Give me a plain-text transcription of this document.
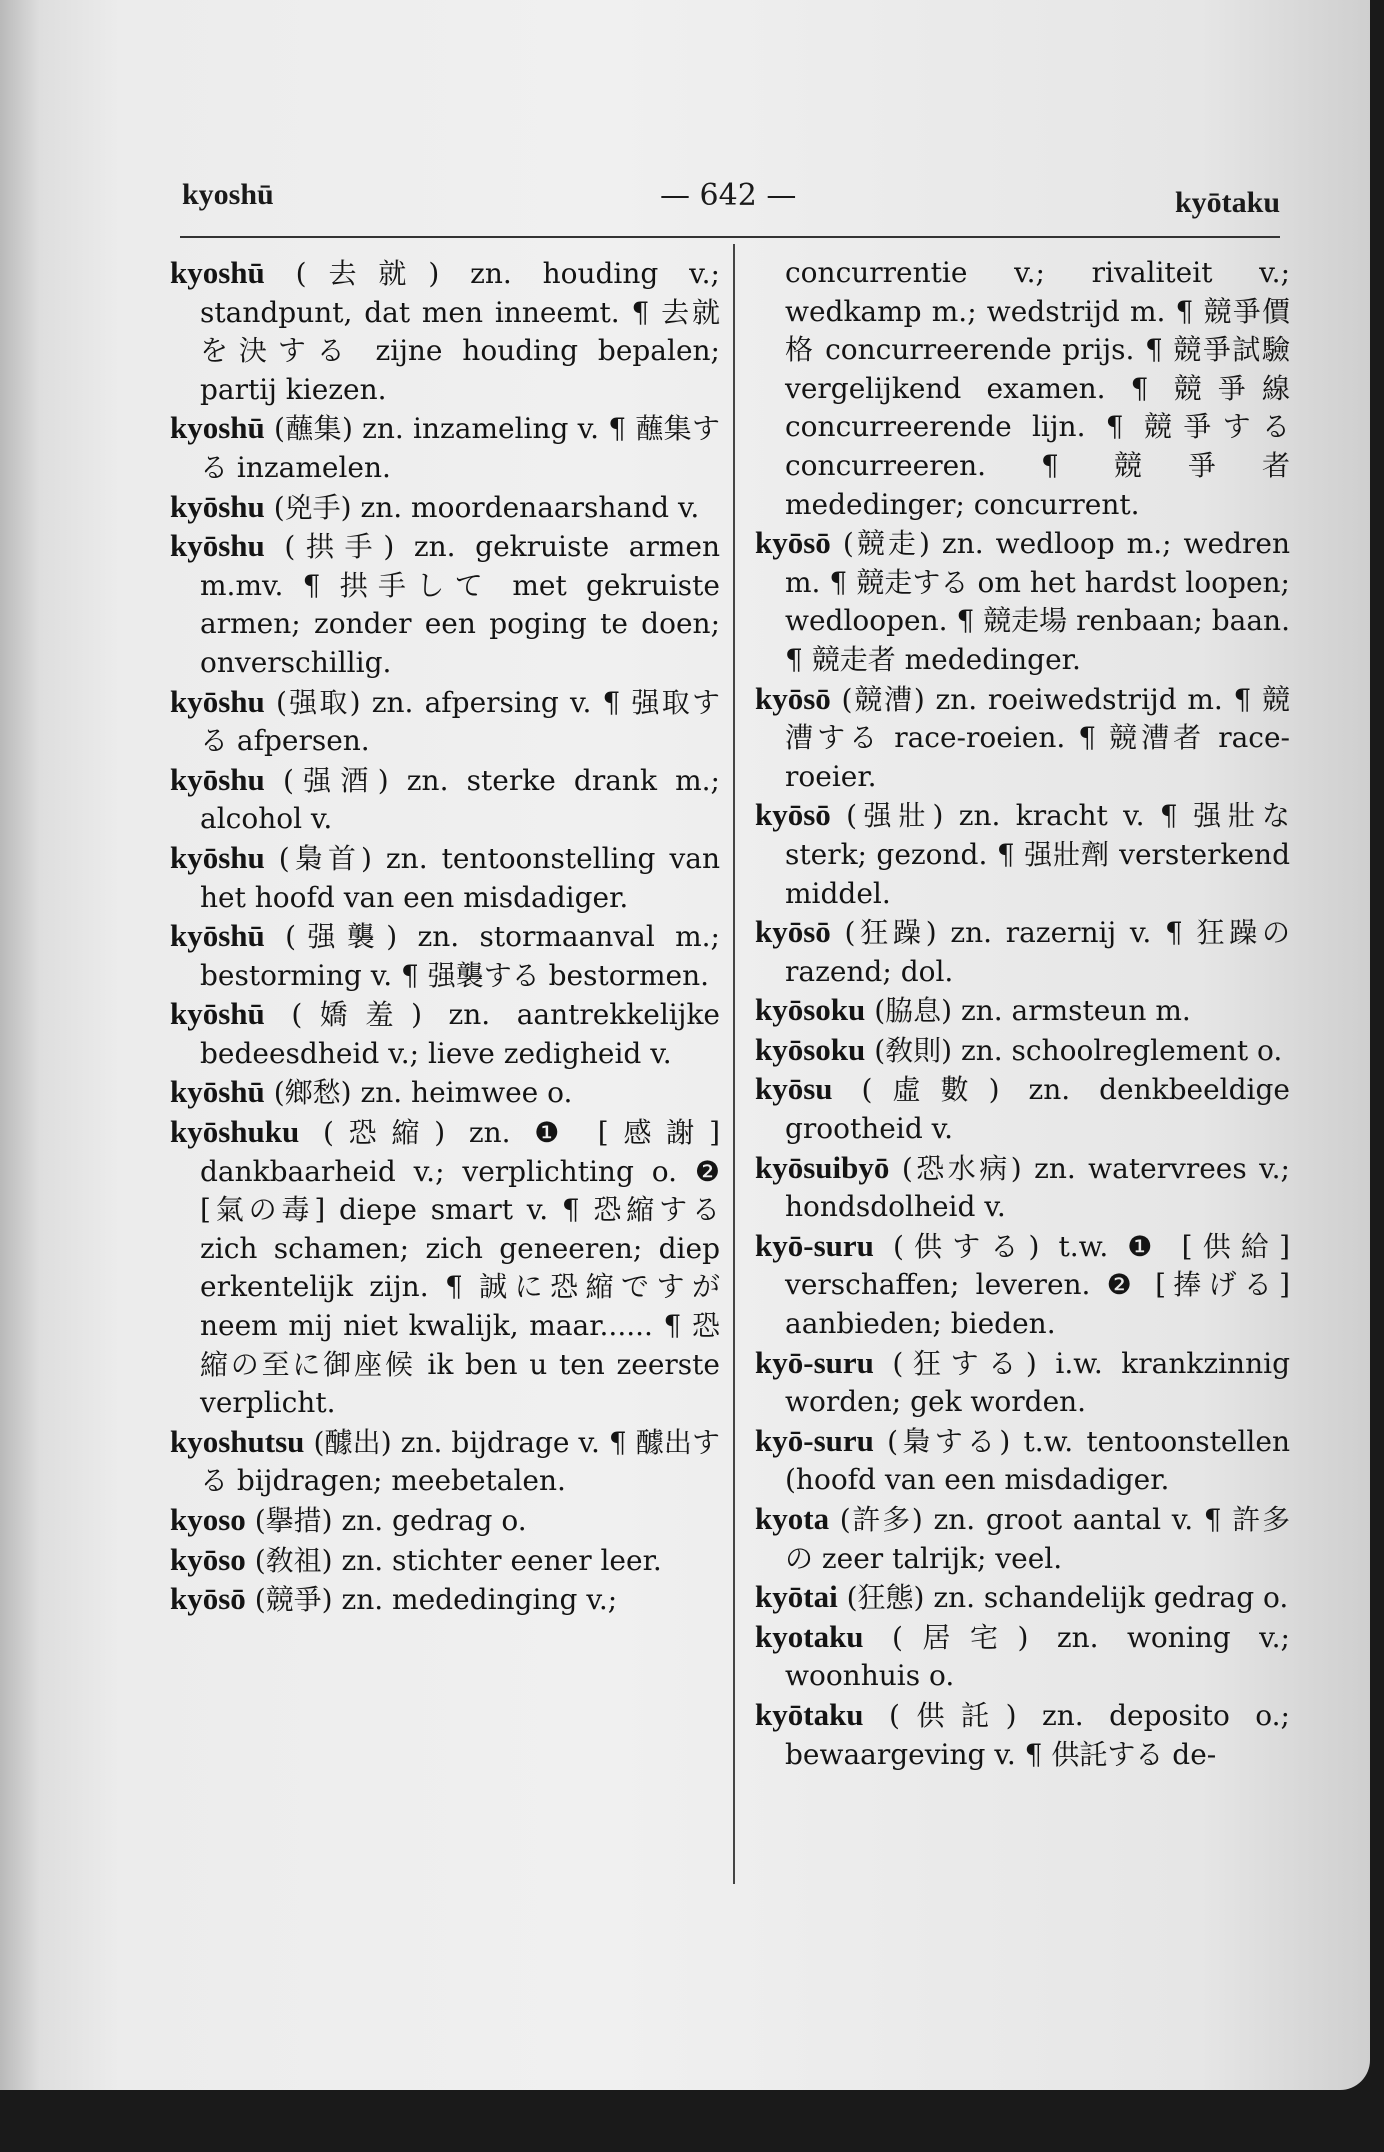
kyoshū	— 642 —	kyōtaku

kyoshū (去就) zn. houding v.; standpunt, dat men inneemt. ¶ 去就を決する zijne houding bepalen; partij kiezen.

kyoshū (蘸集) zn. inzameling v. ¶ 蘸集する inzamelen.

kyōshu (兇手) zn. moordenaarshand v.

kyōshu (拱手) zn. gekruiste armen m.mv. ¶ 拱手して met gekruiste armen; zonder een poging te doen; onverschillig.

kyōshu (强取) zn. afpersing v. ¶ 强取する afpersen.

kyōshu (强酒) zn. sterke drank m.; alcohol v.

kyōshu (梟首) zn. tentoonstelling van het hoofd van een misdadiger.

kyōshū (强襲) zn. stormaanval m.; bestorming v. ¶ 强襲する bestormen.

kyōshū (嬌羞) zn. aantrekkelijke bedeesdheid v.; lieve zedigheid v.

kyōshū (鄉愁) zn. heimwee o.

kyōshuku (恐縮) zn. ❶ [感謝] dankbaarheid v.; verplichting o. ❷ [氣の毒] diepe smart v. ¶ 恐縮する zich schamen; zich geneeren; diep erkentelijk zijn. ¶ 誠に恐縮ですが neem mij niet kwalijk, maar...... ¶ 恐縮の至に御座候 ik ben u ten zeerste verplicht.

kyoshutsu (醵出) zn. bijdrage v. ¶ 醵出する bijdragen; meebetalen.

kyoso (擧措) zn. gedrag o.

kyōso (敎祖) zn. stichter eener leer.

kyōsō (競爭) zn. mededinging v.;

concurrentie v.; rivaliteit v.; wedkamp m.; wedstrijd m. ¶ 競爭價格 concurreerende prijs. ¶ 競爭試驗 vergelijkend examen. ¶ 競爭線 concurreerende lijn. ¶ 競爭する concurreeren. ¶ 競爭者 mededinger; concurrent.

kyōsō (競走) zn. wedloop m.; wedren m. ¶ 競走する om het hardst loopen; wedloopen. ¶ 競走場 renbaan; baan. ¶ 競走者 mededinger.

kyōsō (競漕) zn. roeiwedstrijd m. ¶ 競漕する race-roeien. ¶ 競漕者 race-roeier.

kyōsō (强壯) zn. kracht v. ¶ 强壯な sterk; gezond. ¶ 强壯劑 versterkend middel.

kyōsō (狂躁) zn. razernij v. ¶ 狂躁の razend; dol.

kyōsoku (脇息) zn. armsteun m.

kyōsoku (敎則) zn. schoolreglement o.

kyōsu (虛數) zn. denkbeeldige grootheid v.

kyōsuibyō (恐水病) zn. watervrees v.; hondsdolheid v.

kyō-suru (供する) t.w. ❶ [供給] verschaffen; leveren. ❷ [捧げる] aanbieden; bieden.

kyō-suru (狂する) i.w. krankzinnig worden; gek worden.

kyō-suru (梟する) t.w. tentoonstellen (hoofd van een misdadiger.

kyota (許多) zn. groot aantal v. ¶ 許多の zeer talrijk; veel.

kyōtai (狂態) zn. schandelijk gedrag o.

kyotaku (居宅) zn. woning v.; woonhuis o.

kyōtaku (供託) zn. deposito o.; bewaargeving v. ¶ 供託する de-
